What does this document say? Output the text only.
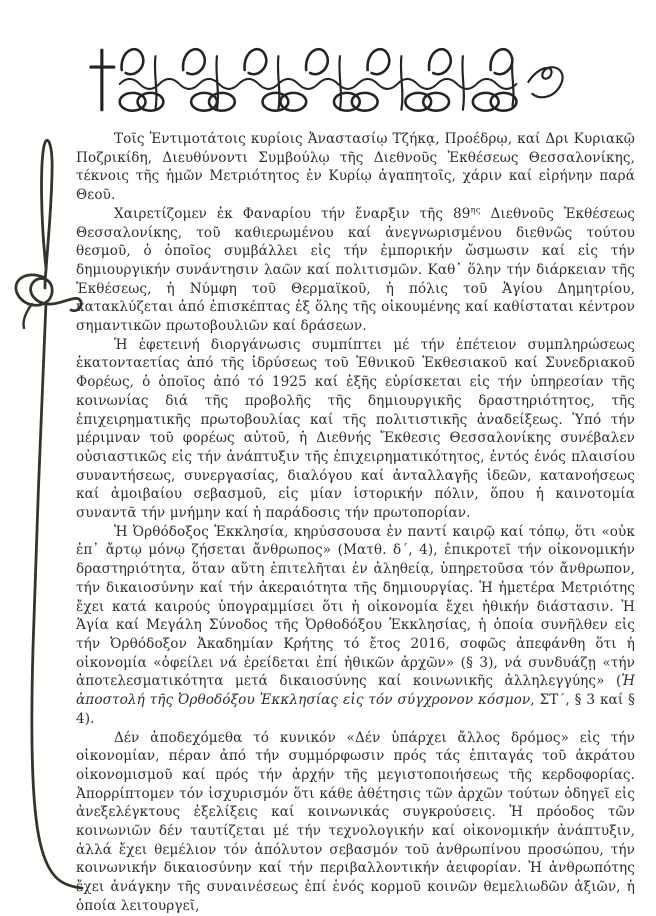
Τοῖς Ἐντιμοτάτοις κυρίοις Ἀναστασίῳ Τζήκᾳ, Προέδρῳ, καί Δρι Κυριακῷ Ποζρικίδη, Διευθύνοντι Συμβούλῳ τῆς Διεθνοῦς Ἐκθέσεως Θεσσαλονίκης, τέκνοις τῆς ἡμῶν Μετριότητος ἐν Κυρίῳ ἀγαπητοῖς, χάριν καί εἰρήνην παρά Θεοῦ.

Χαιρετίζομεν ἐκ Φαναρίου τήν ἔναρξιν τῆς $89^{\eta\varsigma}$ Διεθνοῦς Ἐκθέσεως Θεσσαλονίκης, τοῦ καθιερωμένου καί ἀνεγνωρισμένου διεθνῶς τούτου θεσμοῦ, ὁ ὁποῖος συμβάλλει εἰς τήν ἐμπορικήν ὤσμωσιν καί εἰς τήν δημιουργικήν συνάντησιν λαῶν καί πολιτισμῶν. Καθ᾽ ὅλην τήν διάρκειαν τῆς Ἐκθέσεως, ἡ Νύμφη τοῦ Θερμαϊκοῦ, ἡ πόλις τοῦ Ἁγίου Δημητρίου, κατακλύζεται ἀπό ἐπισκέπτας ἐξ ὅλης τῆς οἰκουμένης καί καθίσταται κέντρον σημαντικῶν πρωτοβουλιῶν καί δράσεων.

Ἡ ἐφετεινή διοργάνωσις συμπίπτει μέ τήν ἐπέτειον συμπληρώσεως ἑκατονταετίας ἀπό τῆς ἱδρύσεως τοῦ Ἐθνικοῦ Ἐκθεσιακοῦ καί Συνεδριακοῦ Φορέως, ὁ ὁποῖος ἀπό τό 1925 καί ἑξῆς εὑρίσκεται εἰς τήν ὑπηρεσίαν τῆς κοινωνίας διά τῆς προβολῆς τῆς δημιουργικῆς δραστηριότητος, τῆς ἐπιχειρηματικῆς πρωτοβουλίας καί τῆς πολιτιστικῆς ἀναδείξεως. Ὑπό τήν μέριμναν τοῦ φορέως αὐτοῦ, ἡ Διεθνής Ἔκθεσις Θεσσαλονίκης συνέβαλεν οὐσιαστικῶς εἰς τήν ἀνάπτυξιν τῆς ἐπιχειρηματικότητος, ἐντός ἑνός πλαισίου συναντήσεως, συνεργασίας, διαλόγου καί ἀνταλλαγῆς ἰδεῶν, κατανοήσεως καί ἀμοιβαίου σεβασμοῦ, εἰς μίαν ἱστορικήν πόλιν, ὅπου ἡ καινοτομία συναντᾶ τήν μνήμην καί ἡ παράδοσις τήν πρωτοπορίαν.

Ἡ Ὀρθόδοξος Ἐκκλησία, κηρύσσουσα ἐν παντί καιρῷ καί τόπῳ, ὅτι «οὐκ ἐπ᾽ ἄρτῳ μόνῳ ζήσεται ἄνθρωπος» (Ματθ. δ΄, 4), ἐπικροτεῖ τήν οἰκονομικήν δραστηριότητα, ὅταν αὕτη ἐπιτελῆται ἐν ἀληθείᾳ, ὑπηρετοῦσα τόν ἄνθρωπον, τήν δικαιοσύνην καί τήν ἀκεραιότητα τῆς δημιουργίας. Ἡ ἡμετέρα Μετριότης ἔχει κατά καιρούς ὑπογραμμίσει ὅτι ἡ οἰκονομία ἔχει ἠθικήν διάστασιν. Ἡ Ἁγία καί Μεγάλη Σύνοδος τῆς Ὀρθοδόξου Ἐκκλησίας, ἡ ὁποία συνῆλθεν εἰς τήν Ὀρθόδοξον Ἀκαδημίαν Κρήτης τό ἔτος 2016, σοφῶς ἀπεφάνθη ὅτι ἡ οἰκονομία «ὀφείλει νά ἐρείδεται ἐπί ἠθικῶν ἀρχῶν» (§ 3), νά συνδυάζῃ «τήν ἀποτελεσματικότητα μετά δικαιοσύνης καί κοινωνικῆς ἀλληλεγγύης» (Ἡ ἀποστολή τῆς Ὀρθοδόξου Ἐκκλησίας εἰς τόν σύγχρονον κόσμον, ΣΤ΄, § 3 καί § 4).

Δέν ἀποδεχόμεθα τό κυνικόν «Δέν ὑπάρχει ἄλλος δρόμος» εἰς τήν οἰκονομίαν, πέραν ἀπό τήν συμμόρφωσιν πρός τάς ἐπιταγάς τοῦ ἀκράτου οἰκονομισμοῦ καί πρός τήν ἀρχήν τῆς μεγιστοποιήσεως τῆς κερδοφορίας. Ἀπορρίπτομεν τόν ἰσχυρισμόν ὅτι κάθε ἀθέτησις τῶν ἀρχῶν τούτων ὁδηγεῖ εἰς ἀνεξελέγκτους ἐξελίξεις καί κοινωνικάς συγκρούσεις. Ἡ πρόοδος τῶν κοινωνιῶν δέν ταυτίζεται μέ τήν τεχνολογικήν καί οἰκονομικήν ἀνάπτυξιν, ἀλλά ἔχει θεμέλιον τόν ἀπόλυτον σεβασμόν τοῦ ἀνθρωπίνου προσώπου, τήν κοινωνικήν δικαιοσύνην καί τήν περιβαλλοντικήν ἀειφορίαν. Ἡ ἀνθρωπότης ἔχει ἀνάγκην τῆς συναινέσεως ἐπί ἑνός κορμοῦ κοινῶν θεμελιωδῶν ἀξιῶν, ἡ ὁποία λειτουργεῖ,
